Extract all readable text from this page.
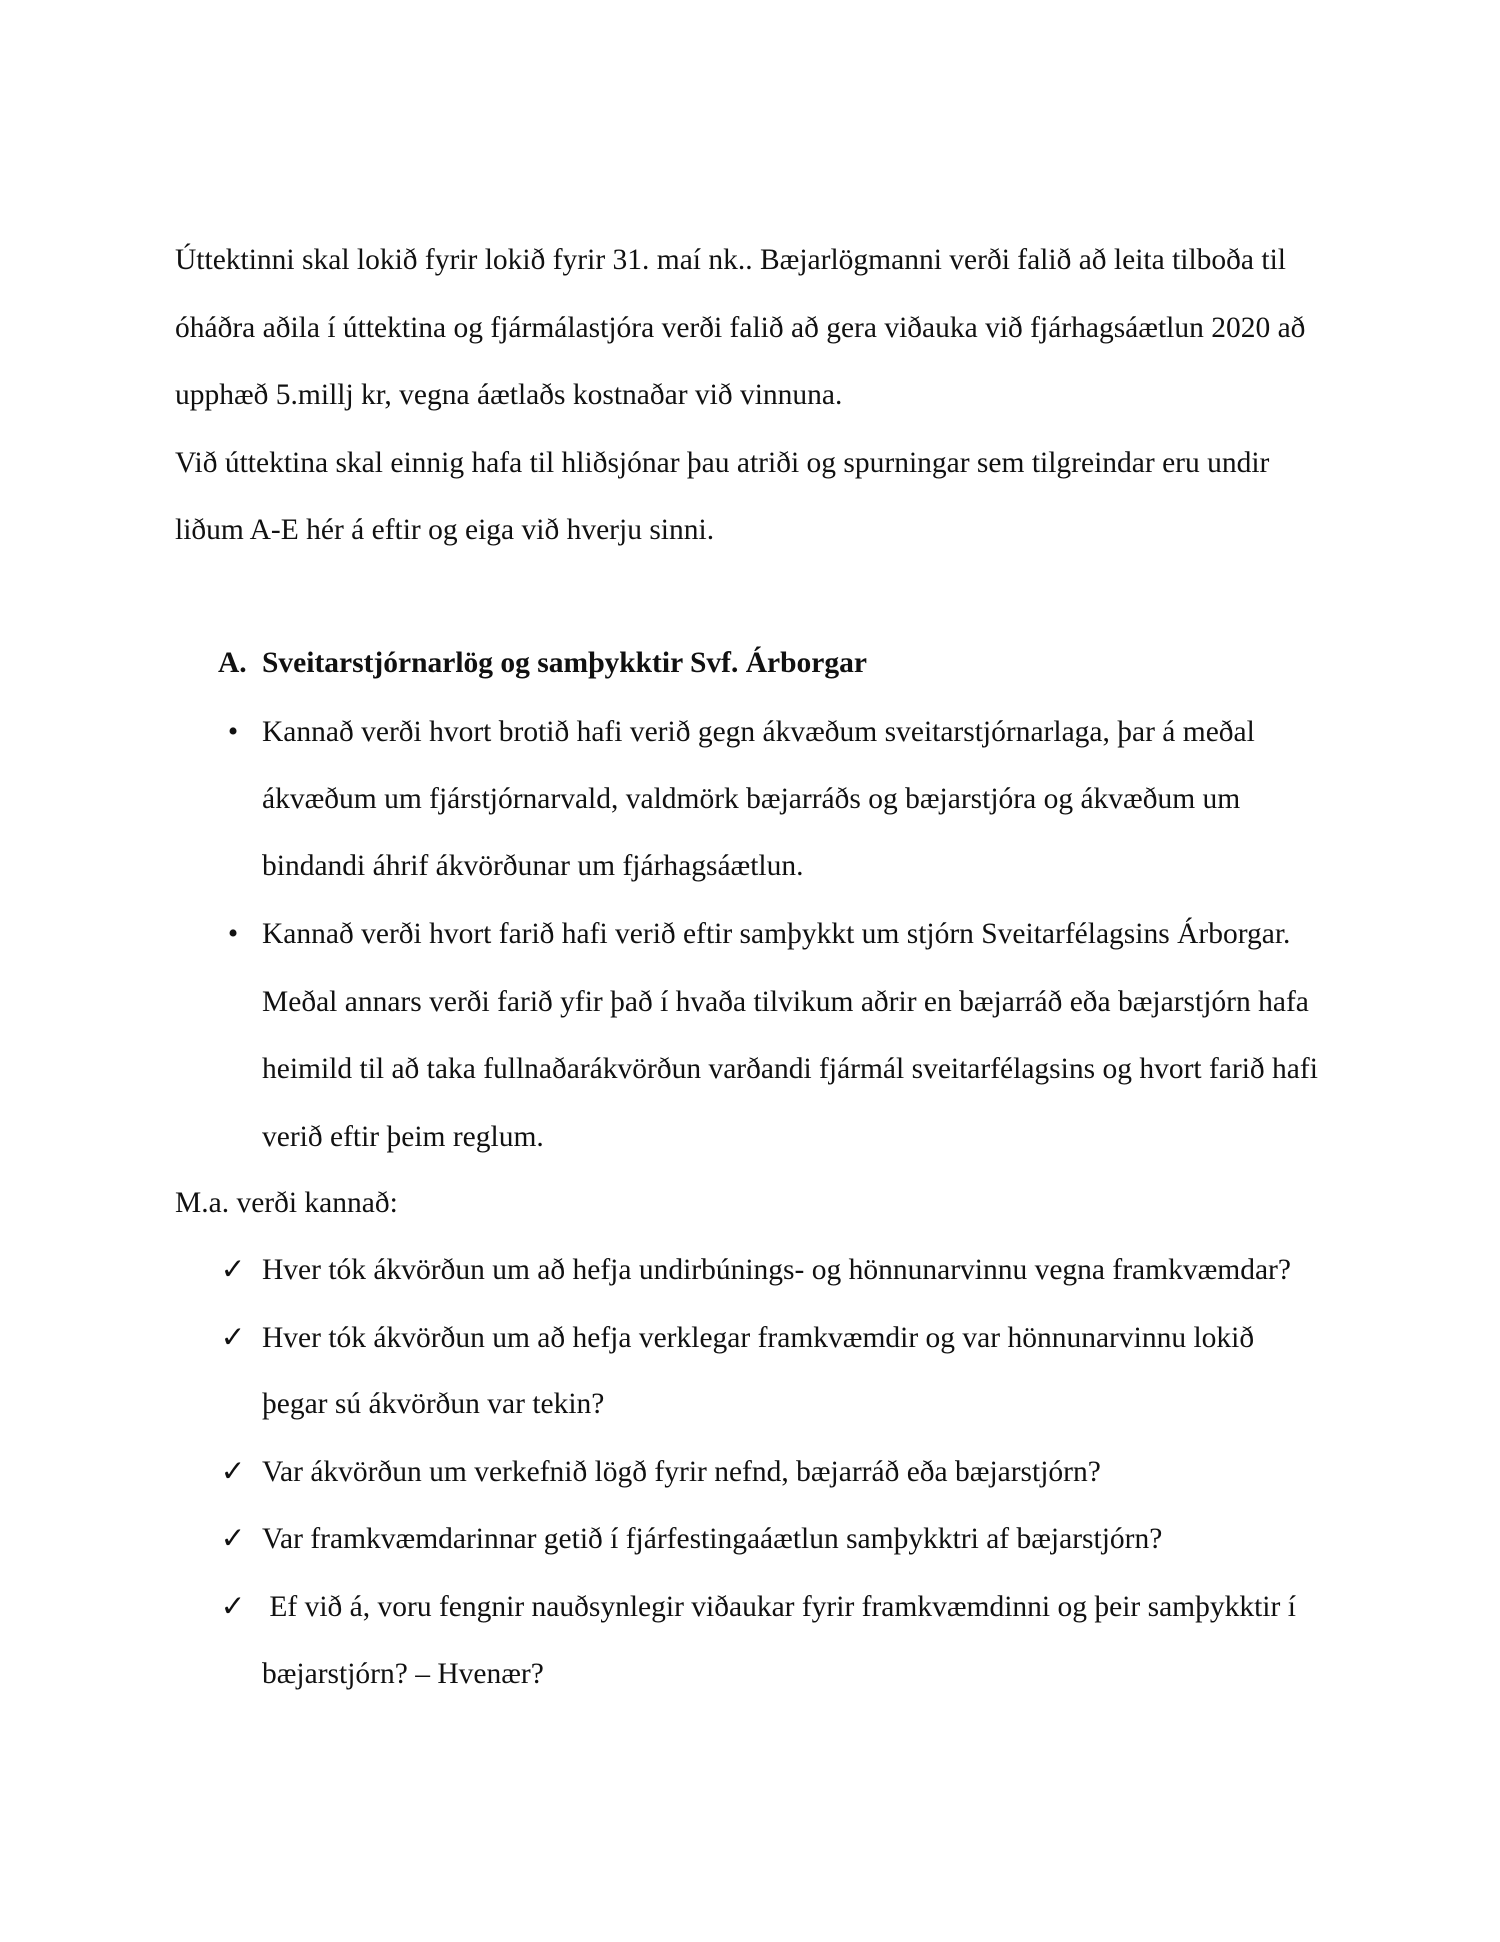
Úttektinni skal lokið fyrir lokið fyrir 31. maí nk.. Bæjarlögmanni verði falið að leita tilboða til
óháðra aðila í úttektina og fjármálastjóra verði falið að gera viðauka við fjárhagsáætlun 2020 að
upphæð 5.millj kr, vegna áætlaðs kostnaðar við vinnuna.
Við úttektina skal einnig hafa til hliðsjónar þau atriði og spurningar sem tilgreindar eru undir
liðum A-E hér á eftir og eiga við hverju sinni.
A. Sveitarstjórnarlög og samþykktir Svf. Árborgar
• Kannað verði hvort brotið hafi verið gegn ákvæðum sveitarstjórnarlaga, þar á meðal
ákvæðum um fjárstjórnarvald, valdmörk bæjarráðs og bæjarstjóra og ákvæðum um
bindandi áhrif ákvörðunar um fjárhagsáætlun.
• Kannað verði hvort farið hafi verið eftir samþykkt um stjórn Sveitarfélagsins Árborgar.
Meðal annars verði farið yfir það í hvaða tilvikum aðrir en bæjarráð eða bæjarstjórn hafa
heimild til að taka fullnaðarákvörðun varðandi fjármál sveitarfélagsins og hvort farið hafi
verið eftir þeim reglum.
M.a. verði kannað:
✓ Hver tók ákvörðun um að hefja undirbúnings- og hönnunarvinnu vegna framkvæmdar?
✓ Hver tók ákvörðun um að hefja verklegar framkvæmdir og var hönnunarvinnu lokið
þegar sú ákvörðun var tekin?
✓ Var ákvörðun um verkefnið lögð fyrir nefnd, bæjarráð eða bæjarstjórn?
✓ Var framkvæmdarinnar getið í fjárfestingaáætlun samþykktri af bæjarstjórn?
✓ Ef við á, voru fengnir nauðsynlegir viðaukar fyrir framkvæmdinni og þeir samþykktir í
bæjarstjórn? – Hvenær?
